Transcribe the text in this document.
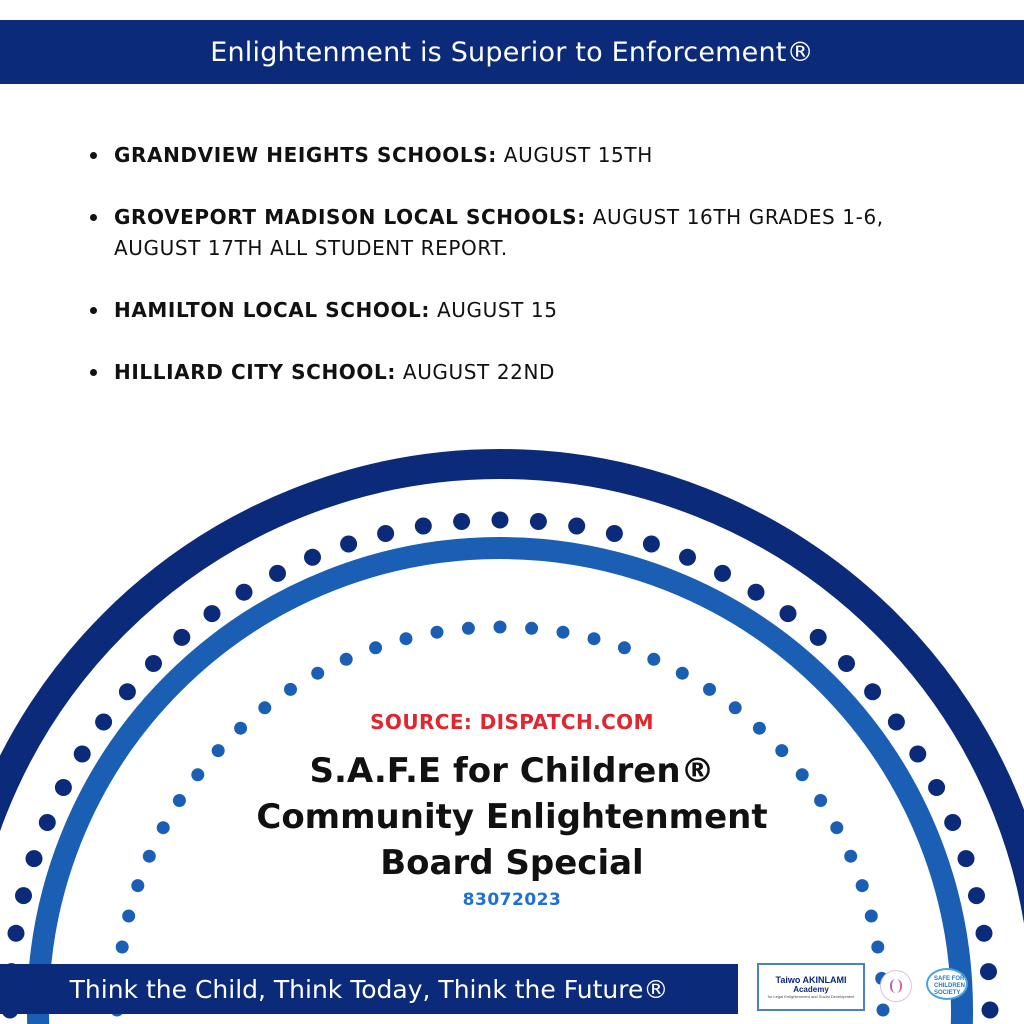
Enlightenment is Superior to Enforcement®
GRANDVIEW HEIGHTS SCHOOLS: AUGUST 15TH
GROVEPORT MADISON LOCAL SCHOOLS: AUGUST 16TH GRADES 1-6, AUGUST 17TH ALL STUDENT REPORT.
HAMILTON LOCAL SCHOOL: AUGUST 15
HILLIARD CITY SCHOOL: AUGUST 22ND
SOURCE: DISPATCH.COM
S.A.F.E for Children®
Community Enlightenment
Board Special
83072023
Think the Child, Think Today, Think the Future®	Taiwo AKINLAMI
Academy
for Legal Enlightenment and Social Development
SAFE FOR CHILDREN SOCIETY
